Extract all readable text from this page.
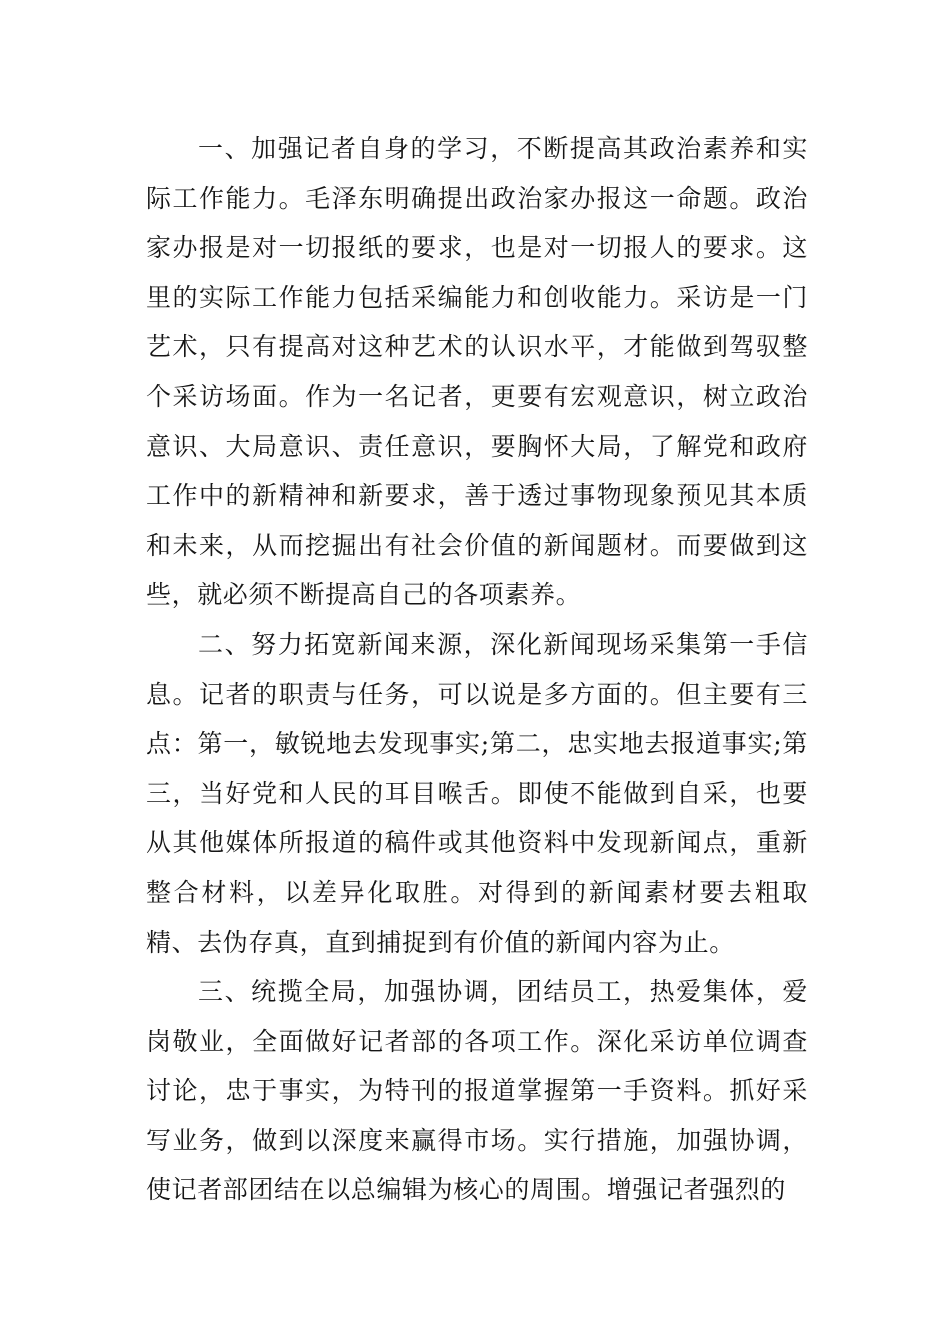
一、加强记者自身的学习，不断提高其政治素养和实际工作能力。毛泽东明确提出政治家办报这一命题。政治家办报是对一切报纸的要求，也是对一切报人的要求。这里的实际工作能力包括采编能力和创收能力。采访是一门艺术，只有提高对这种艺术的认识水平，才能做到驾驭整个采访场面。作为一名记者，更要有宏观意识，树立政治意识、大局意识、责任意识，要胸怀大局，了解党和政府工作中的新精神和新要求，善于透过事物现象预见其本质和未来，从而挖掘出有社会价值的新闻题材。而要做到这些，就必须不断提高自己的各项素养。

二、努力拓宽新闻来源，深化新闻现场采集第一手信息。记者的职责与任务，可以说是多方面的。但主要有三点：第一，敏锐地去发现事实;第二，忠实地去报道事实;第三，当好党和人民的耳目喉舌。即使不能做到自采，也要从其他媒体所报道的稿件或其他资料中发现新闻点，重新整合材料，以差异化取胜。对得到的新闻素材要去粗取精、去伪存真，直到捕捉到有价值的新闻内容为止。

三、统揽全局，加强协调，团结员工，热爱集体，爱岗敬业，全面做好记者部的各项工作。深化采访单位调查讨论，忠于事实，为特刊的报道掌握第一手资料。抓好采写业务，做到以深度来赢得市场。实行措施，加强协调，使记者部团结在以总编辑为核心的周围。增强记者强烈的
